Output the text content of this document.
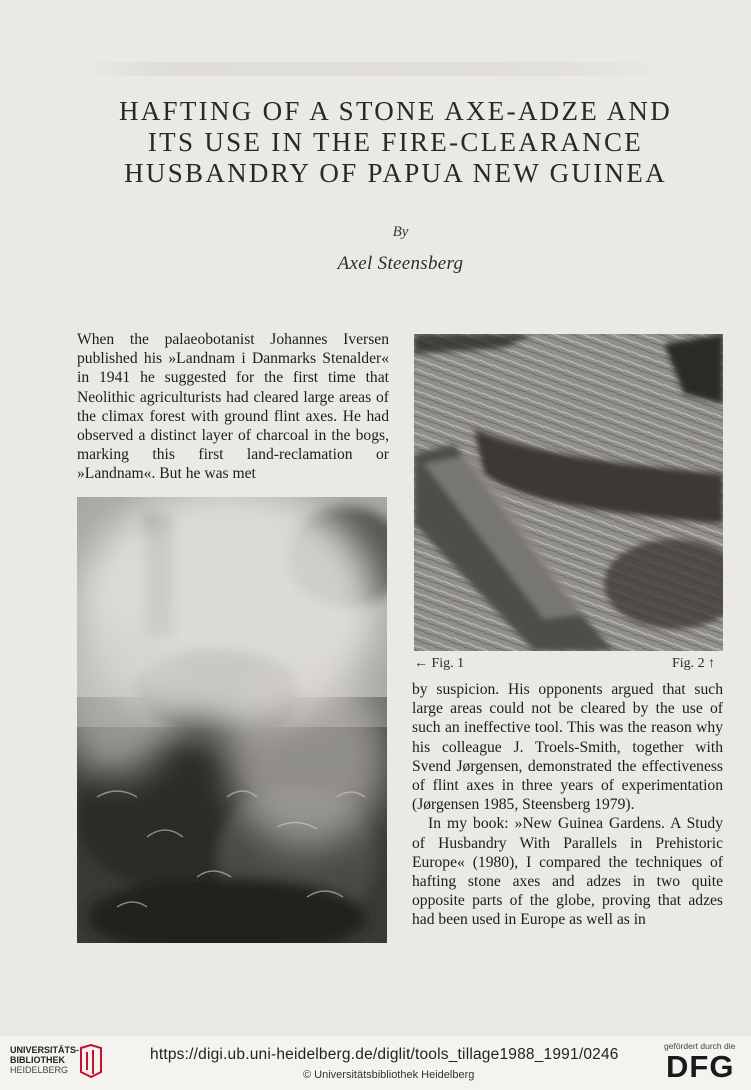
HAFTING OF A STONE AXE-ADZE AND
ITS USE IN THE FIRE-CLEARANCE
HUSBANDRY OF PAPUA NEW GUINEA
By
Axel Steensberg

When the palaeobotanist Johannes Iversen published his »Landnam i Danmarks Stenalder« in 1941 he suggested for the first time that Neolithic agriculturists had cleared large areas of the climax forest with ground flint axes. He had observed a distinct layer of charcoal in the bogs, marking this first land-reclamation or »Landnam«. But he was met

← Fig. 1	Fig. 2 ↑

by suspicion. His opponents argued that such large areas could not be cleared by the use of such an ineffective tool. This was the reason why his colleague J. Troels-Smith, together with Svend Jørgensen, demonstrated the effectiveness of flint axes in three years of experimentation (Jørgensen 1985, Steensberg 1979).

In my book: »New Guinea Gardens. A Study of Husbandry With Parallels in Prehistoric Europe« (1980), I compared the techniques of hafting stone axes and adzes in two quite opposite parts of the globe, proving that adzes had been used in Europe as well as in

UNIVERSITÄTS-
BIBLIOTHEK
HEIDELBERG
https://digi.ub.uni-heidelberg.de/diglit/tools_tillage1988_1991/0246
© Universitätsbibliothek Heidelberg
gefördert durch die
DFG
